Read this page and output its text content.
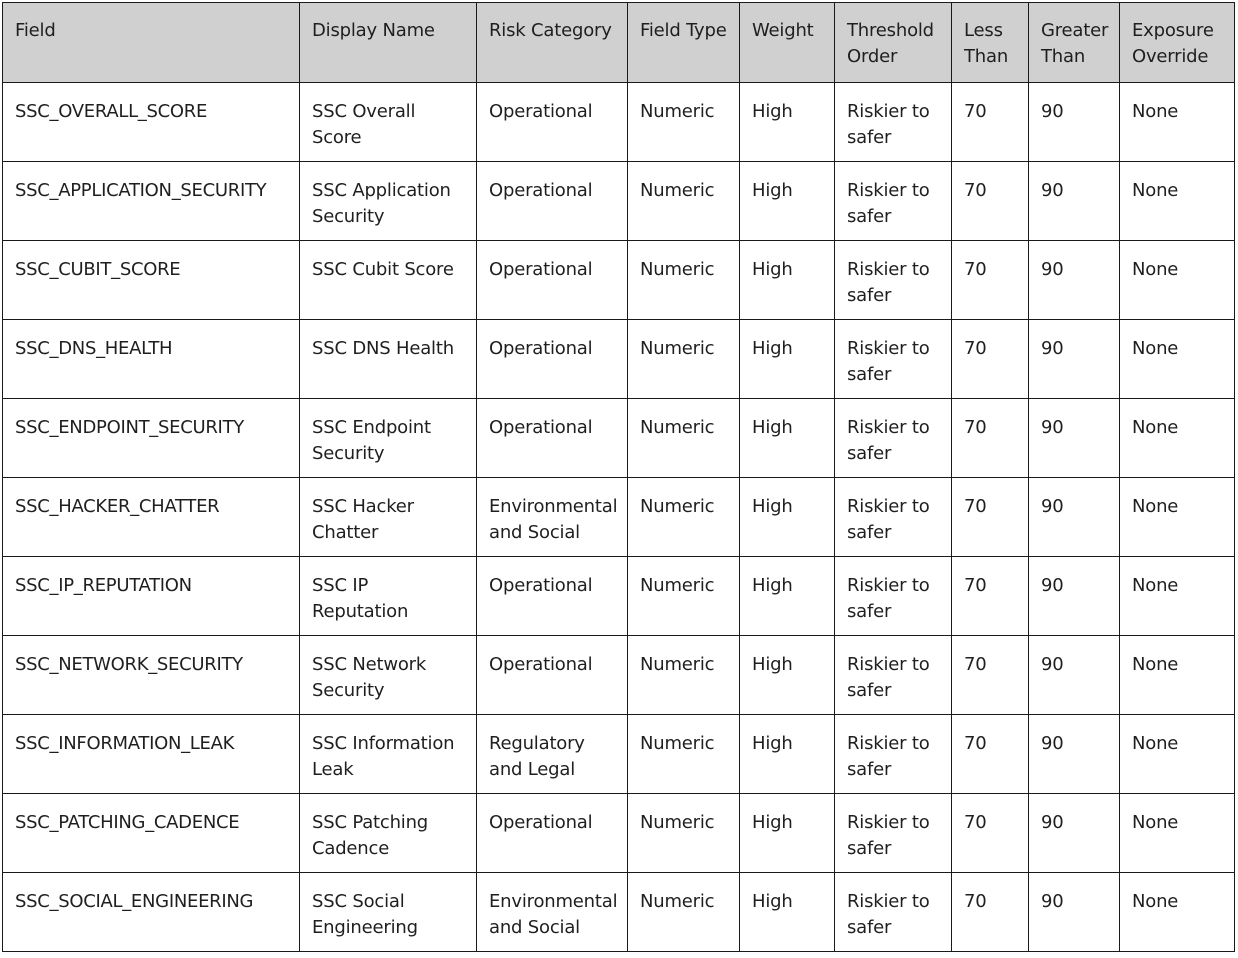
Field	Display Name	Risk Category	Field Type	Weight	Threshold Order	Less Than	Greater Than	Exposure Override
SSC_OVERALL_SCORE	SSC Overall Score	Operational	Numeric	High	Riskier to safer	70	90	None
SSC_APPLICATION_SECURITY	SSC Application Security	Operational	Numeric	High	Riskier to safer	70	90	None
SSC_CUBIT_SCORE	SSC Cubit Score	Operational	Numeric	High	Riskier to safer	70	90	None
SSC_DNS_HEALTH	SSC DNS Health	Operational	Numeric	High	Riskier to safer	70	90	None
SSC_ENDPOINT_SECURITY	SSC Endpoint Security	Operational	Numeric	High	Riskier to safer	70	90	None
SSC_HACKER_CHATTER	SSC Hacker Chatter	Environmental and Social	Numeric	High	Riskier to safer	70	90	None
SSC_IP_REPUTATION	SSC IP Reputation	Operational	Numeric	High	Riskier to safer	70	90	None
SSC_NETWORK_SECURITY	SSC Network Security	Operational	Numeric	High	Riskier to safer	70	90	None
SSC_INFORMATION_LEAK	SSC Information Leak	Regulatory and Legal	Numeric	High	Riskier to safer	70	90	None
SSC_PATCHING_CADENCE	SSC Patching Cadence	Operational	Numeric	High	Riskier to safer	70	90	None
SSC_SOCIAL_ENGINEERING	SSC Social Engineering	Environmental and Social	Numeric	High	Riskier to safer	70	90	None
